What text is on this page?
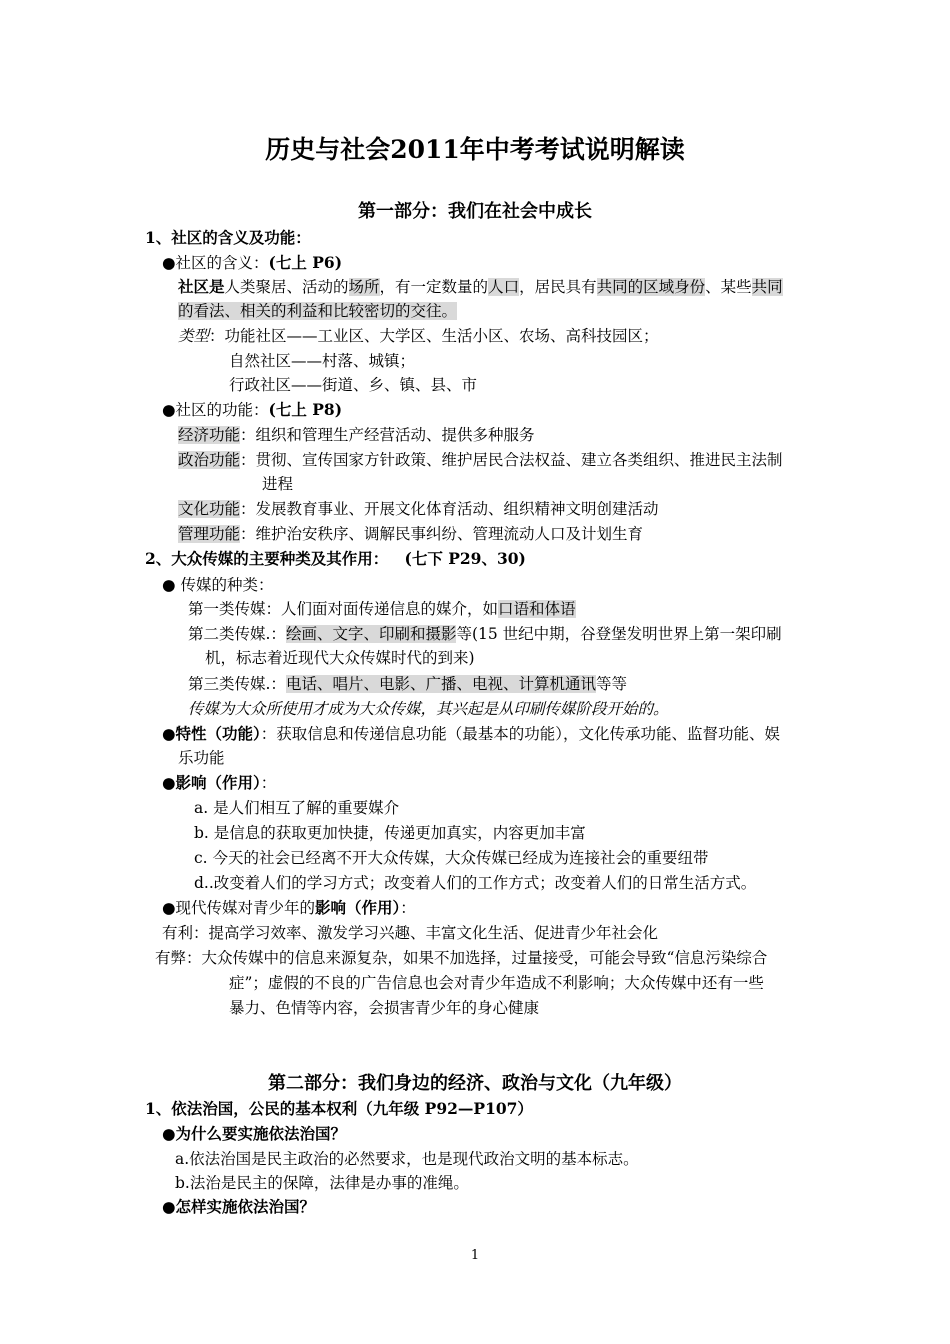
历史与社会2011年中考考试说明解读
第一部分：我们在社会中成长
1、社区的含义及功能：
●社区的含义：(七上 P6)
社区是人类聚居、活动的场所，有一定数量的人口，居民具有共同的区域身份、某些共同
的看法、相关的利益和比较密切的交往。
类型：功能社区——工业区、大学区、生活小区、农场、高科技园区；
自然社区——村落、城镇；
行政社区——街道、乡、镇、县、市
●社区的功能：(七上 P8)
经济功能：组织和管理生产经营活动、提供多种服务
政治功能：贯彻、宣传国家方针政策、维护居民合法权益、建立各类组织、推进民主法制
进程
文化功能：发展教育事业、开展文化体育活动、组织精神文明创建活动
管理功能：维护治安秩序、调解民事纠纷、管理流动人口及计划生育
2、大众传媒的主要种类及其作用： (七下 P29、30)
● 传媒的种类：
第一类传媒：人们面对面传递信息的媒介，如口语和体语
第二类传媒.：绘画、文字、印刷和摄影等(15 世纪中期，谷登堡发明世界上第一架印刷
机，标志着近现代大众传媒时代的到来)
第三类传媒.：电话、唱片、电影、广播、电视、计算机通讯等等
传媒为大众所使用才成为大众传媒，其兴起是从印刷传媒阶段开始的。
●特性（功能）：获取信息和传递信息功能（最基本的功能），文化传承功能、监督功能、娱
乐功能
●影响（作用）：
a. 是人们相互了解的重要媒介
b. 是信息的获取更加快捷，传递更加真实，内容更加丰富
c. 今天的社会已经离不开大众传媒，大众传媒已经成为连接社会的重要纽带
d..改变着人们的学习方式；改变着人们的工作方式；改变着人们的日常生活方式。
●现代传媒对青少年的影响（作用）：
有利：提高学习效率、激发学习兴趣、丰富文化生活、促进青少年社会化
有弊：大众传媒中的信息来源复杂，如果不加选择，过量接受，可能会导致“信息污染综合
症”；虚假的不良的广告信息也会对青少年造成不利影响；大众传媒中还有一些
暴力、色情等内容，会损害青少年的身心健康
第二部分：我们身边的经济、政治与文化（九年级）
1、依法治国，公民的基本权利（九年级 P92—P107）
●为什么要实施依法治国？
a.依法治国是民主政治的必然要求，也是现代政治文明的基本标志。
b.法治是民主的保障，法律是办事的准绳。
●怎样实施依法治国？
1
